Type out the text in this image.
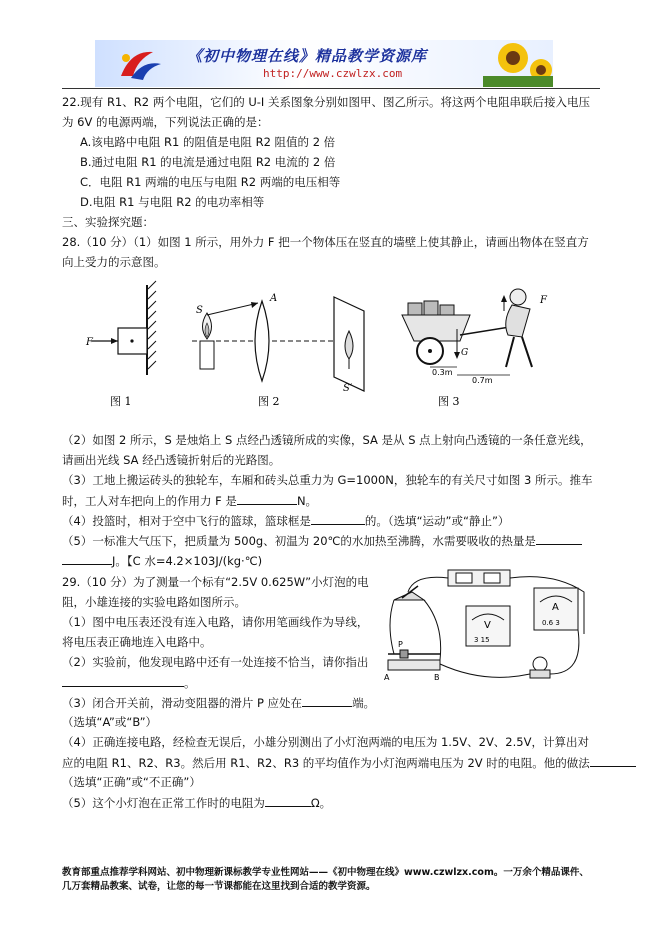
《初中物理在线》精品教学资源库
http://www.czwlzx.com
22.现有 R1、R2 两个电阻，它们的 U-I 关系图象分别如图甲、图乙所示。将这两个电阻串联后接入电压
为 6V 的电源两端，下列说法正确的是：
A.该电路中电阻 R1 的阻值是电阻 R2 阻值的 2 倍
B.通过电阻 R1 的电流是通过电阻 R2 电流的 2 倍
C．电阻 R1 两端的电压与电阻 R2 两端的电压相等
D.电阻 R1 与电阻 R2 的电功率相等
三、实验探究题：
28.（10 分）（1）如图 1 所示，用外力 F 把一个物体压在竖直的墙壁上使其静止，请画出物体在竖直方
向上受力的示意图。
F
图 1
S
A
S′
图 2
F
G
0.3m
0.7m
图 3
（2）如图 2 所示，S 是烛焰上 S 点经凸透镜所成的实像，SA 是从 S 点上射向凸透镜的一条任意光线，
请画出光线 SA 经凸透镜折射后的光路图。
（3）工地上搬运砖头的独轮车，车厢和砖头总重力为 G=1000N，独轮车的有关尺寸如图 3 所示。推车
时，工人对车把向上的作用力 F 是	N。
（4）投篮时，相对于空中飞行的篮球，篮球框是	的。（选填“运动”或“静止”）
（5）一标准大气压下，把质量为 500g、初温为 20℃的水加热至沸腾，水需要吸收的热量是
J。【C 水=4.2×103J/(kg·℃)
29.（10 分）为了测量一个标有“2.5V 0.625W”小灯泡的电
阻，小雄连接的实验电路如图所示。
（1）图中电压表还没有连入电路，请你用笔画线作为导线，
将电压表正确地连入电路中。
（2）实验前，他发现电路中还有一处连接不恰当，请你指出
。
（3）闭合开关前，滑动变阻器的滑片 P 应处在	端。
（选填“A”或“B”）
（4）正确连接电路，经检查无误后，小雄分别测出了小灯泡两端的电压为 1.5V、2V、2.5V，计算出对
应的电阻 R1、R2、R3。然后用 R1、R2、R3 的平均值作为小灯泡两端电压为 2V 时的电阻。他的做法
（选填“正确”或“不正确”）
（5）这个小灯泡在正常工作时的电阻为	Ω。
V
3 15
A
0.6 3
P
A	B
教育部重点推荐学科网站、初中物理新课标教学专业性网站——《初中物理在线》www.czwlzx.com。一万余个精品课件、
几万套精品教案、试卷，让您的每一节课都能在这里找到合适的教学资源。
